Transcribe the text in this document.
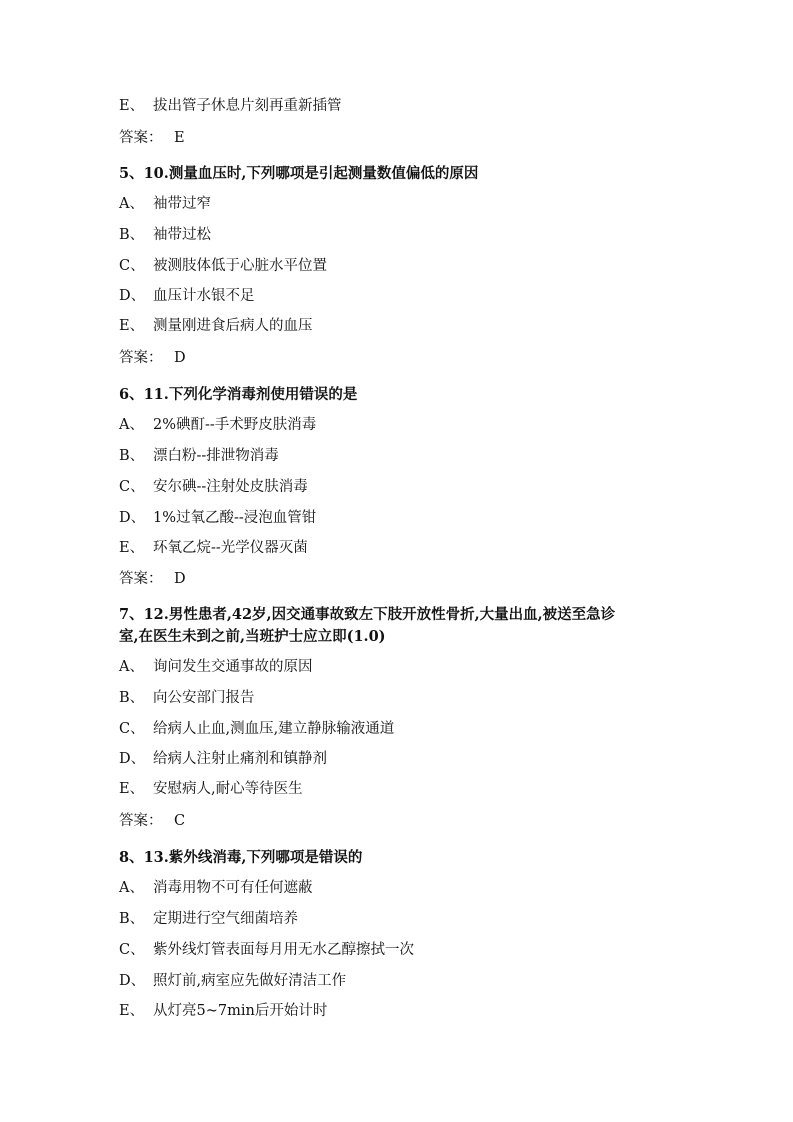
E、 拔出管子休息片刻再重新插管
答案： E
5、10.测量血压时,下列哪项是引起测量数值偏低的原因
A、 袖带过窄
B、 袖带过松
C、 被测肢体低于心脏水平位置
D、 血压计水银不足
E、 测量刚进食后病人的血压
答案： D
6、11.下列化学消毒剂使用错误的是
A、 2%碘酊--手术野皮肤消毒
B、 漂白粉--排泄物消毒
C、 安尔碘--注射处皮肤消毒
D、 1%过氧乙酸--浸泡血管钳
E、 环氧乙烷--光学仪器灭菌
答案： D
7、12.男性患者,42岁,因交通事故致左下肢开放性骨折,大量出血,被送至急诊
室,在医生未到之前,当班护士应立即(1.0)
A、 询问发生交通事故的原因
B、 向公安部门报告
C、 给病人止血,测血压,建立静脉输液通道
D、 给病人注射止痛剂和镇静剂
E、 安慰病人,耐心等待医生
答案： C
8、13.紫外线消毒,下列哪项是错误的
A、 消毒用物不可有任何遮蔽
B、 定期进行空气细菌培养
C、 紫外线灯管表面每月用无水乙醇擦拭一次
D、 照灯前,病室应先做好清洁工作
E、 从灯亮5~7min后开始计时
